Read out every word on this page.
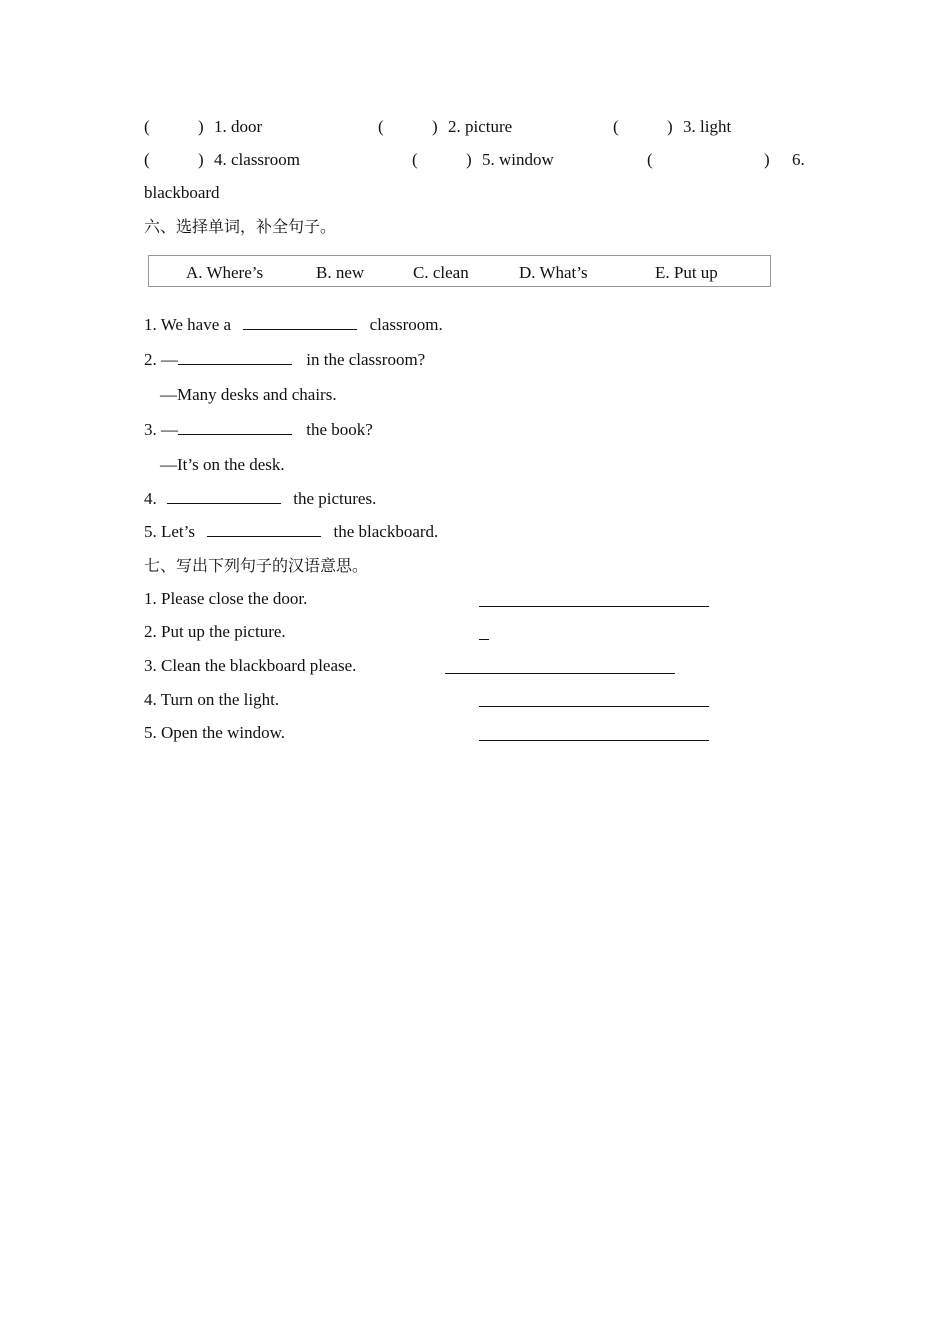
(	) 1. door	(	) 2. picture	(	) 3. light
(	) 4. classroom	(	) 5. window	(	) 6.
blackboard
六、选择单词，补全句子。
A. Where’s	B. new	C. clean	D. What’s	E. Put up
1. We have a	classroom.
2. —	in the classroom?
—Many desks and chairs.
3. —	the book?
—It’s on the desk.
4.	the pictures.
5. Let’s	the blackboard.
七、写出下列句子的汉语意思。
1. Please close the door.
2. Put up the picture.
3. Clean the blackboard please.
4. Turn on the light.
5. Open the window.
